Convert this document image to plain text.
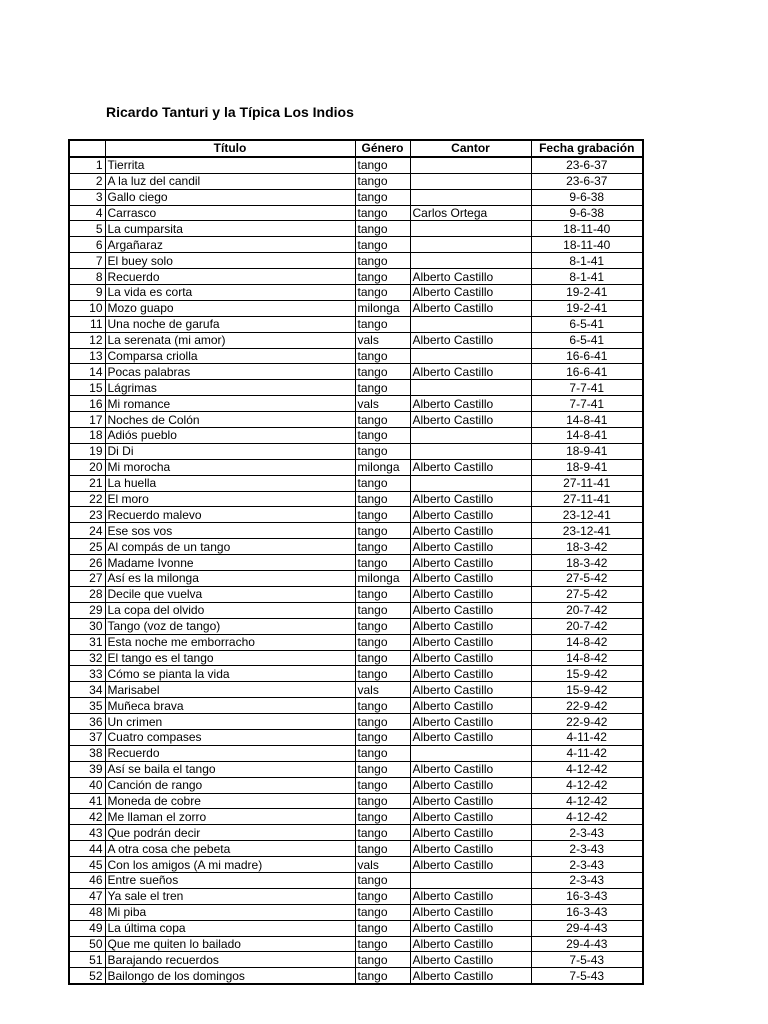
Ricardo Tanturi y la Típica Los Indios
	Título	Género	Cantor	Fecha grabación
1	Tierrita	tango		23-6-37
2	A la luz del candil	tango		23-6-37
3	Gallo ciego	tango		9-6-38
4	Carrasco	tango	Carlos Ortega	9-6-38
5	La cumparsita	tango		18-11-40
6	Argañaraz	tango		18-11-40
7	El buey solo	tango		8-1-41
8	Recuerdo	tango	Alberto Castillo	8-1-41
9	La vida es corta	tango	Alberto Castillo	19-2-41
10	Mozo guapo	milonga	Alberto Castillo	19-2-41
11	Una noche de garufa	tango		6-5-41
12	La serenata (mi amor)	vals	Alberto Castillo	6-5-41
13	Comparsa criolla	tango		16-6-41
14	Pocas palabras	tango	Alberto Castillo	16-6-41
15	Lágrimas	tango		7-7-41
16	Mi romance	vals	Alberto Castillo	7-7-41
17	Noches de Colón	tango	Alberto Castillo	14-8-41
18	Adiós pueblo	tango		14-8-41
19	Di Di	tango		18-9-41
20	Mi morocha	milonga	Alberto Castillo	18-9-41
21	La huella	tango		27-11-41
22	El moro	tango	Alberto Castillo	27-11-41
23	Recuerdo malevo	tango	Alberto Castillo	23-12-41
24	Ese sos vos	tango	Alberto Castillo	23-12-41
25	Al compás de un tango	tango	Alberto Castillo	18-3-42
26	Madame Ivonne	tango	Alberto Castillo	18-3-42
27	Así es la milonga	milonga	Alberto Castillo	27-5-42
28	Decile que vuelva	tango	Alberto Castillo	27-5-42
29	La copa del olvido	tango	Alberto Castillo	20-7-42
30	Tango (voz de tango)	tango	Alberto Castillo	20-7-42
31	Esta noche me emborracho	tango	Alberto Castillo	14-8-42
32	El tango es el tango	tango	Alberto Castillo	14-8-42
33	Cómo se pianta la vida	tango	Alberto Castillo	15-9-42
34	Marisabel	vals	Alberto Castillo	15-9-42
35	Muñeca brava	tango	Alberto Castillo	22-9-42
36	Un crimen	tango	Alberto Castillo	22-9-42
37	Cuatro compases	tango	Alberto Castillo	4-11-42
38	Recuerdo	tango		4-11-42
39	Así se baila el tango	tango	Alberto Castillo	4-12-42
40	Canción de rango	tango	Alberto Castillo	4-12-42
41	Moneda de cobre	tango	Alberto Castillo	4-12-42
42	Me llaman el zorro	tango	Alberto Castillo	4-12-42
43	Que podrán decir	tango	Alberto Castillo	2-3-43
44	A otra cosa che pebeta	tango	Alberto Castillo	2-3-43
45	Con los amigos (A mi madre)	vals	Alberto Castillo	2-3-43
46	Entre sueños	tango		2-3-43
47	Ya sale el tren	tango	Alberto Castillo	16-3-43
48	Mi piba	tango	Alberto Castillo	16-3-43
49	La última copa	tango	Alberto Castillo	29-4-43
50	Que me quiten lo bailado	tango	Alberto Castillo	29-4-43
51	Barajando recuerdos	tango	Alberto Castillo	7-5-43
52	Bailongo de los domingos	tango	Alberto Castillo	7-5-43
